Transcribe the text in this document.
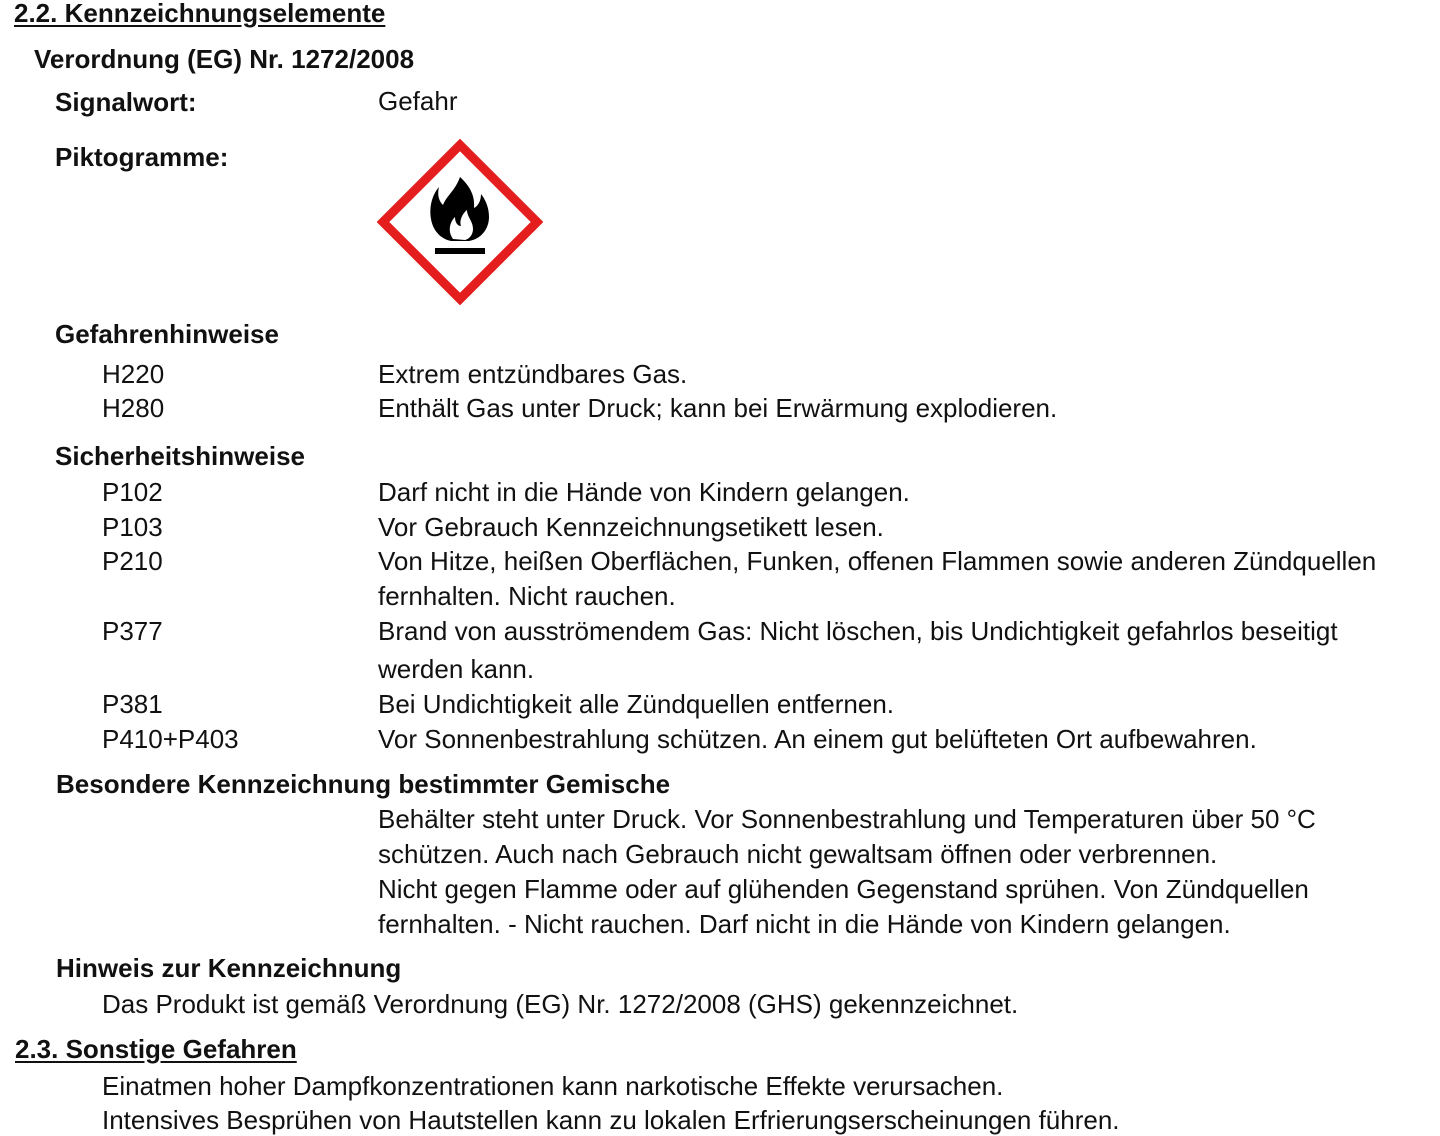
2.2. Kennzeichnungselemente
Verordnung (EG) Nr. 1272/2008
Signalwort:	Gefahr
Piktogramme:
Gefahrenhinweise
H220	Extrem entzündbares Gas.
H280	Enthält Gas unter Druck; kann bei Erwärmung explodieren.
Sicherheitshinweise
P102	Darf nicht in die Hände von Kindern gelangen.
P103	Vor Gebrauch Kennzeichnungsetikett lesen.
P210	Von Hitze, heißen Oberflächen, Funken, offenen Flammen sowie anderen Zündquellen
fernhalten. Nicht rauchen.
P377	Brand von ausströmendem Gas: Nicht löschen, bis Undichtigkeit gefahrlos beseitigt
werden kann.
P381	Bei Undichtigkeit alle Zündquellen entfernen.
P410+P403	Vor Sonnenbestrahlung schützen. An einem gut belüfteten Ort aufbewahren.
Besondere Kennzeichnung bestimmter Gemische
Behälter steht unter Druck. Vor Sonnenbestrahlung und Temperaturen über 50 °C
schützen. Auch nach Gebrauch nicht gewaltsam öffnen oder verbrennen.
Nicht gegen Flamme oder auf glühenden Gegenstand sprühen. Von Zündquellen
fernhalten. - Nicht rauchen. Darf nicht in die Hände von Kindern gelangen.
Hinweis zur Kennzeichnung
Das Produkt ist gemäß Verordnung (EG) Nr. 1272/2008 (GHS) gekennzeichnet.
2.3. Sonstige Gefahren
Einatmen hoher Dampfkonzentrationen kann narkotische Effekte verursachen.
Intensives Besprühen von Hautstellen kann zu lokalen Erfrierungserscheinungen führen.
